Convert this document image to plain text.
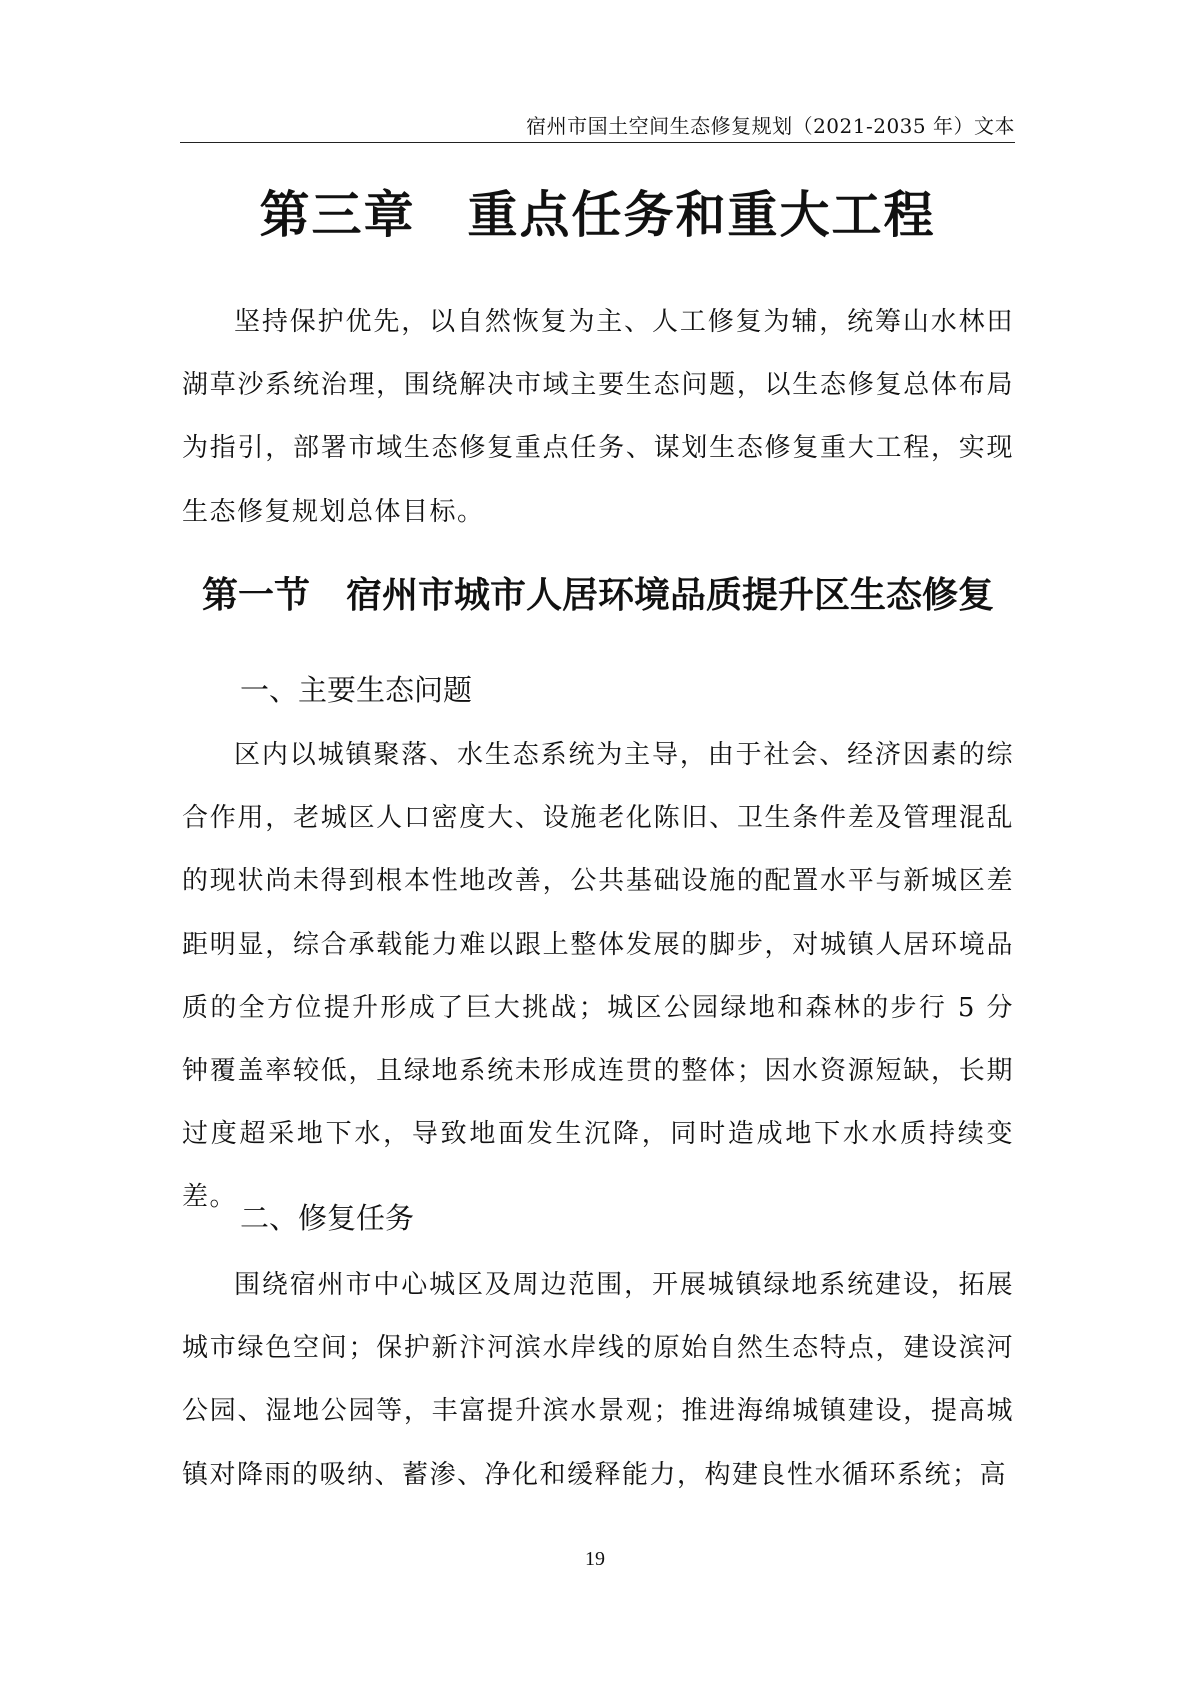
宿州市国土空间生态修复规划（2021-2035 年）文本
第三章　重点任务和重大工程

坚持保护优先，以自然恢复为主、人工修复为辅，统筹山水林田湖草沙系统治理，围绕解决市域主要生态问题，以生态修复总体布局为指引，部署市域生态修复重点任务、谋划生态修复重大工程，实现生态修复规划总体目标。

第一节　宿州市城市人居环境品质提升区生态修复
一、主要生态问题

区内以城镇聚落、水生态系统为主导，由于社会、经济因素的综合作用，老城区人口密度大、设施老化陈旧、卫生条件差及管理混乱的现状尚未得到根本性地改善，公共基础设施的配置水平与新城区差距明显，综合承载能力难以跟上整体发展的脚步，对城镇人居环境品质的全方位提升形成了巨大挑战；城区公园绿地和森林的步行 5 分钟覆盖率较低，且绿地系统未形成连贯的整体；因水资源短缺，长期过度超采地下水，导致地面发生沉降，同时造成地下水水质持续变差。

二、修复任务

围绕宿州市中心城区及周边范围，开展城镇绿地系统建设，拓展城市绿色空间；保护新汴河滨水岸线的原始自然生态特点，建设滨河公园、湿地公园等，丰富提升滨水景观；推进海绵城镇建设，提高城镇对降雨的吸纳、蓄渗、净化和缓释能力，构建良性水循环系统；高

19
